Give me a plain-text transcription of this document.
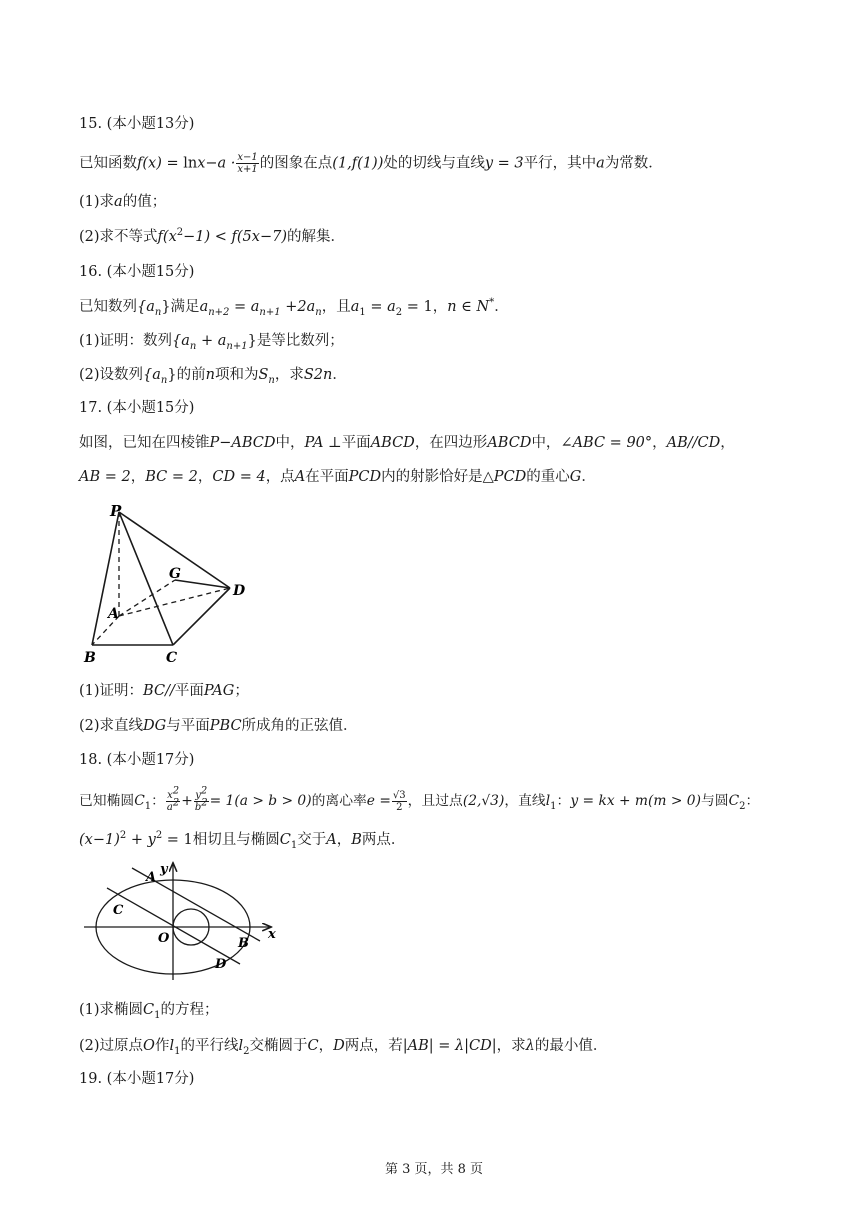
15. (本小题13分)
已知函数$f(x) = \ln x-a \cdot \frac{x-1}{x+1}$ 的图象在点(1,f(1))处的切线与直线y = 3平行，其中a为常数．
(1)求a的值；
(2)求不等式$f(x^2-1) < f(5x-7)$的解集．
16. (本小题15分)
已知数列$\{a_n\}$满足$a_{n+2} = a_{n+1} +2a_n$，且$a_1 = a_2 = 1$，n ∈ N*．
(1)证明：数列$\{a_n + a_{n+1}\}$是等比数列；
(2)设数列$\{a_n\}$的前n项和为$S_n$，求S2n．
17. (本小题15分)
如图，已知在四棱锥P−ABCD中，PA ⊥平面ABCD，在四边形ABCD中，∠ABC = 90°，AB//CD，
AB = 2，BC = 2，CD = 4，点A在平面PCD内的射影恰好是△PCD的重心G．
P
G
D
A
B	C
(1)证明：BC//平面PAG；
(2)求直线DG与平面PBC所成角的正弦值．
18. (本小题17分)
已知椭圆$C_1$： $\frac{x^2}{a^2} + \frac{y^2}{b^2} = 1(a > b > 0)$的离心率$e = \frac{√3}{2}$ ，且过点(2,√3)，直线$l_1$：y = kx + m(m > 0)与圆$C_2$：
$(x-1)^2 + y^2 = 1$相切且与椭圆$C_1$交于A，B两点．
y
x
O
A
C
B
D
(1)求椭圆$C_1$的方程；
(2)过原点O作$l_1$的平行线$l_2$交椭圆于C，D两点，若|AB| = λ|CD|，求λ的最小值．
19. (本小题17分)
第 3 页，共 8 页
